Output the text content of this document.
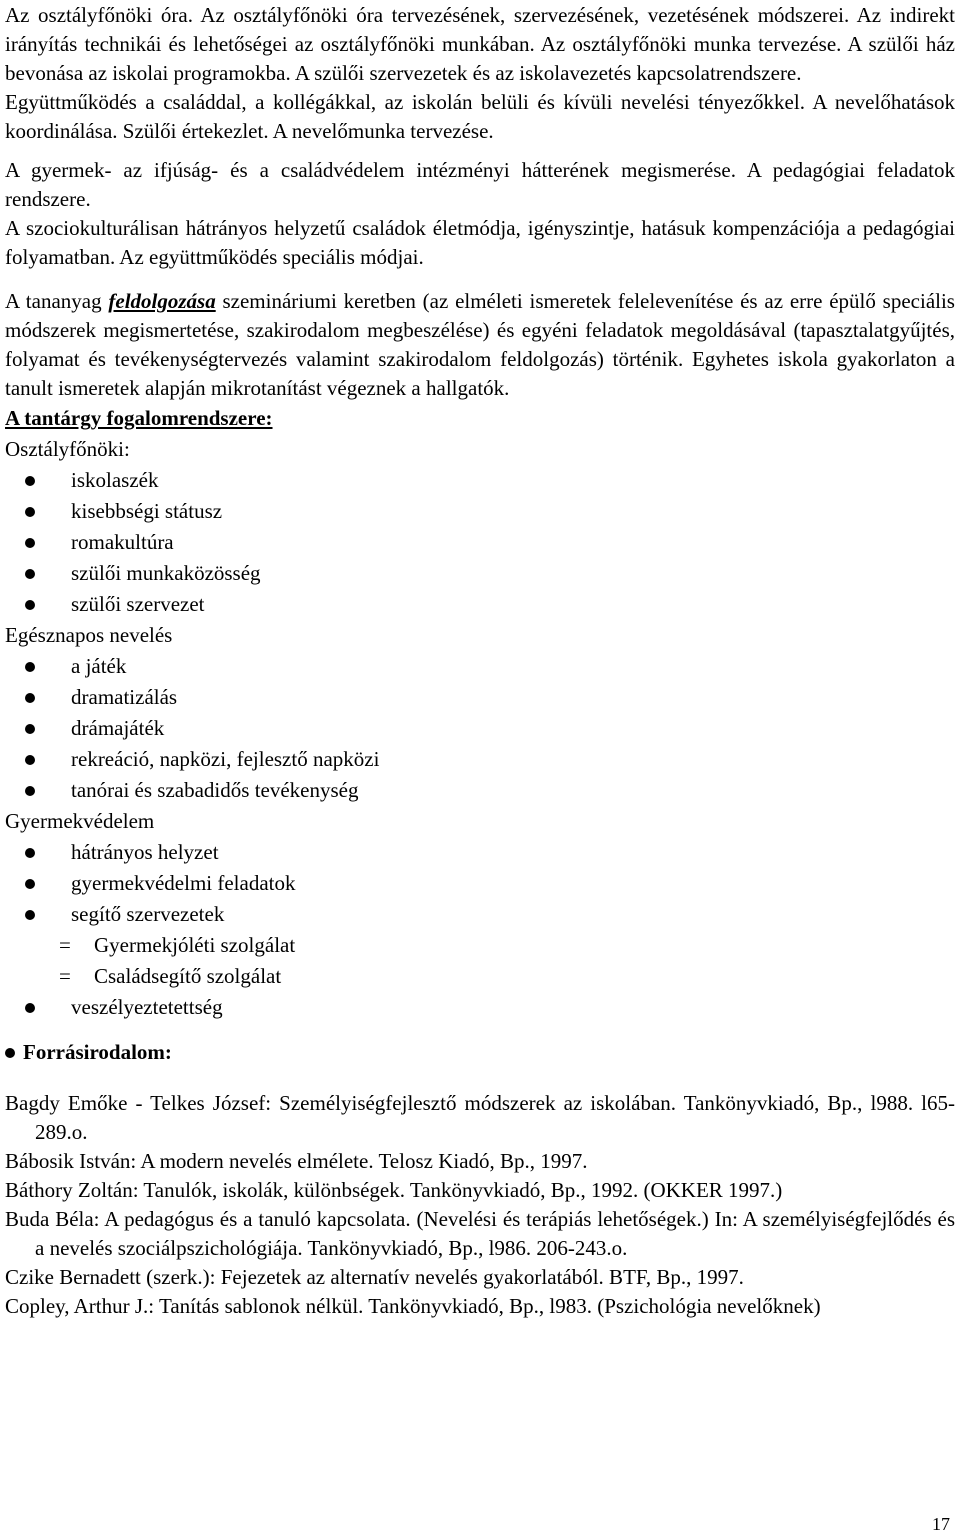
Az osztályfőnöki óra. Az osztályfőnöki óra tervezésének, szervezésének, vezetésének módszerei. Az indirekt irányítás technikái és lehetőségei az osztályfőnöki munkában. Az osztályfőnöki munka tervezése. A szülői ház bevonása az iskolai programokba. A szülői szervezetek és az iskolavezetés kapcsolatrendszere.

Együttműködés a családdal, a kollégákkal, az iskolán belüli és kívüli nevelési tényezőkkel. A nevelőhatások koordinálása. Szülői értekezlet. A nevelőmunka tervezése.

A gyermek- az ifjúság- és a családvédelem intézményi hátterének megismerése. A pedagógiai feladatok rendszere.

A szociokulturálisan hátrányos helyzetű családok életmódja, igényszintje, hatásuk kompenzációja a pedagógiai folyamatban. Az együttműködés speciális módjai.

A tananyag feldolgozása szemináriumi keretben (az elméleti ismeretek felelevenítése és az erre épülő speciális módszerek megismertetése, szakirodalom megbeszélése) és egyéni feladatok megoldásával (tapasztalatgyűjtés, folyamat és tevékenységtervezés valamint szakirodalom feldolgozás) történik. Egyhetes iskola gyakorlaton a tanult ismeretek alapján mikrotanítást végeznek a hallgatók.

A tantárgy fogalomrendszere:

Osztályfőnöki:

iskolaszék
kisebbségi státusz
romakultúra
szülői munkaközösség
szülői szervezet

Egésznapos nevelés

a játék
dramatizálás
drámajáték
rekreáció, napközi, fejlesztő napközi
tanórai és szabadidős tevékenység

Gyermekvédelem

hátrányos helyzet
gyermekvédelmi feladatok
segítő szervezetek
= Gyermekjóléti szolgálat
= Családsegítő szolgálat
veszélyeztetettség

Forrásirodalom:

Bagdy Emőke - Telkes József: Személyiségfejlesztő módszerek az iskolában. Tankönyvkiadó, Bp., l988. l65-289.o.

Bábosik István: A modern nevelés elmélete. Telosz Kiadó, Bp., 1997.

Báthory Zoltán: Tanulók, iskolák, különbségek. Tankönyvkiadó, Bp., 1992. (OKKER 1997.)

Buda Béla: A pedagógus és a tanuló kapcsolata. (Nevelési és terápiás lehetőségek.) In: A személyiségfejlődés és a nevelés szociálpszichológiája. Tankönyvkiadó, Bp., l986. 206-243.o.

Czike Bernadett (szerk.): Fejezetek az alternatív nevelés gyakorlatából. BTF, Bp., 1997.

Copley, Arthur J.: Tanítás sablonok nélkül. Tankönyvkiadó, Bp., l983. (Pszichológia nevelőknek)

17
